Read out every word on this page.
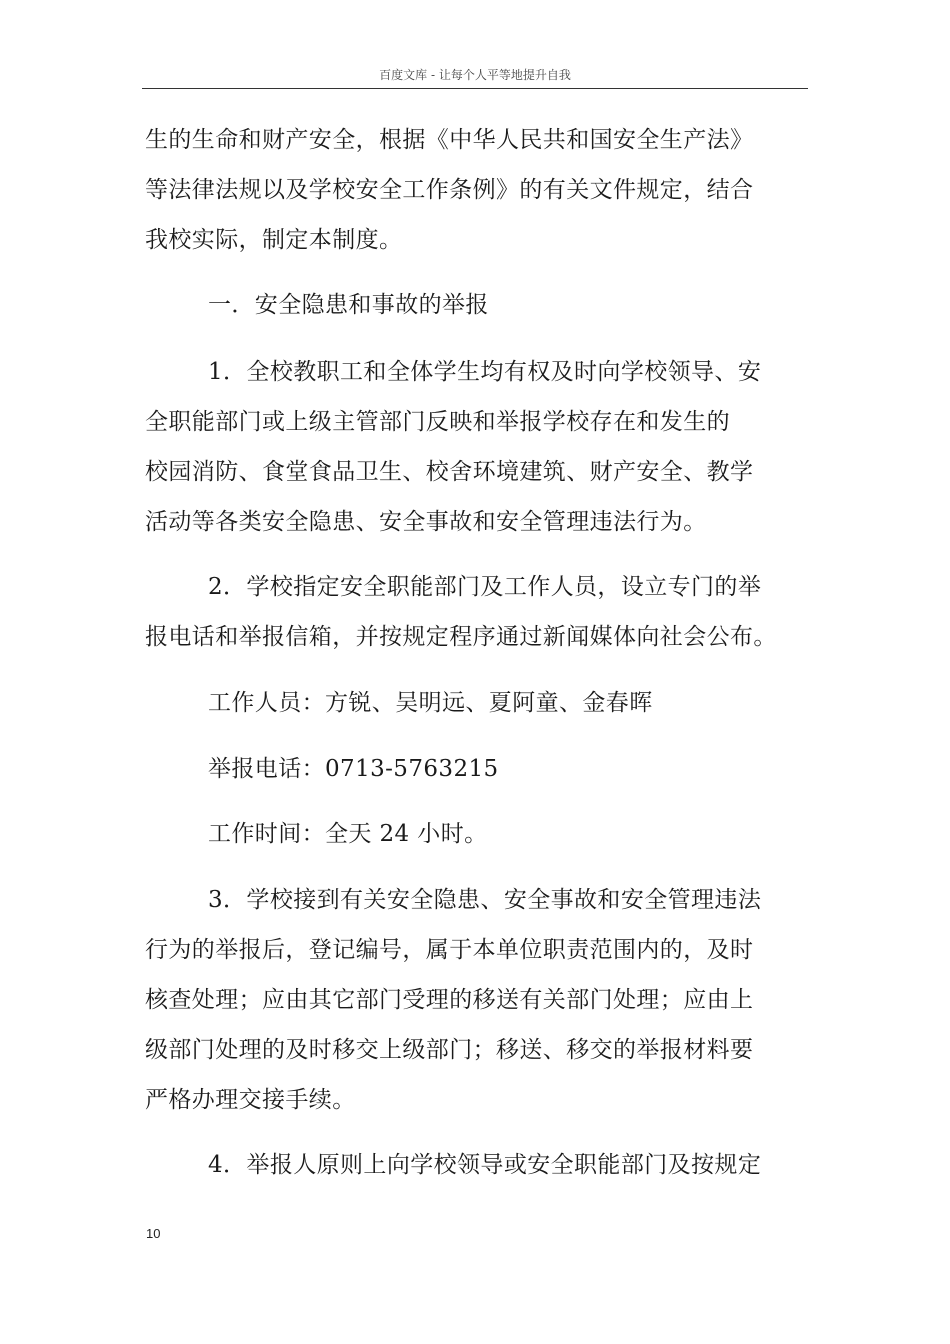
百度文库 - 让每个人平等地提升自我
生的生命和财产安全，根据《中华人民共和国安全生产法》
等法律法规以及学校安全工作条例》的有关文件规定，结合
我校实际，制定本制度。
一．安全隐患和事故的举报
1．全校教职工和全体学生均有权及时向学校领导、安
全职能部门或上级主管部门反映和举报学校存在和发生的
校园消防、食堂食品卫生、校舍环境建筑、财产安全、教学
活动等各类安全隐患、安全事故和安全管理违法行为。
2．学校指定安全职能部门及工作人员，设立专门的举
报电话和举报信箱，并按规定程序通过新闻媒体向社会公布。
工作人员：方锐、吴明远、夏阿童、金春晖
举报电话：0713-5763215
工作时间：全天 24 小时。
3．学校接到有关安全隐患、安全事故和安全管理违法
行为的举报后，登记编号，属于本单位职责范围内的，及时
核查处理；应由其它部门受理的移送有关部门处理；应由上
级部门处理的及时移交上级部门；移送、移交的举报材料要
严格办理交接手续。
4．举报人原则上向学校领导或安全职能部门及按规定
10
